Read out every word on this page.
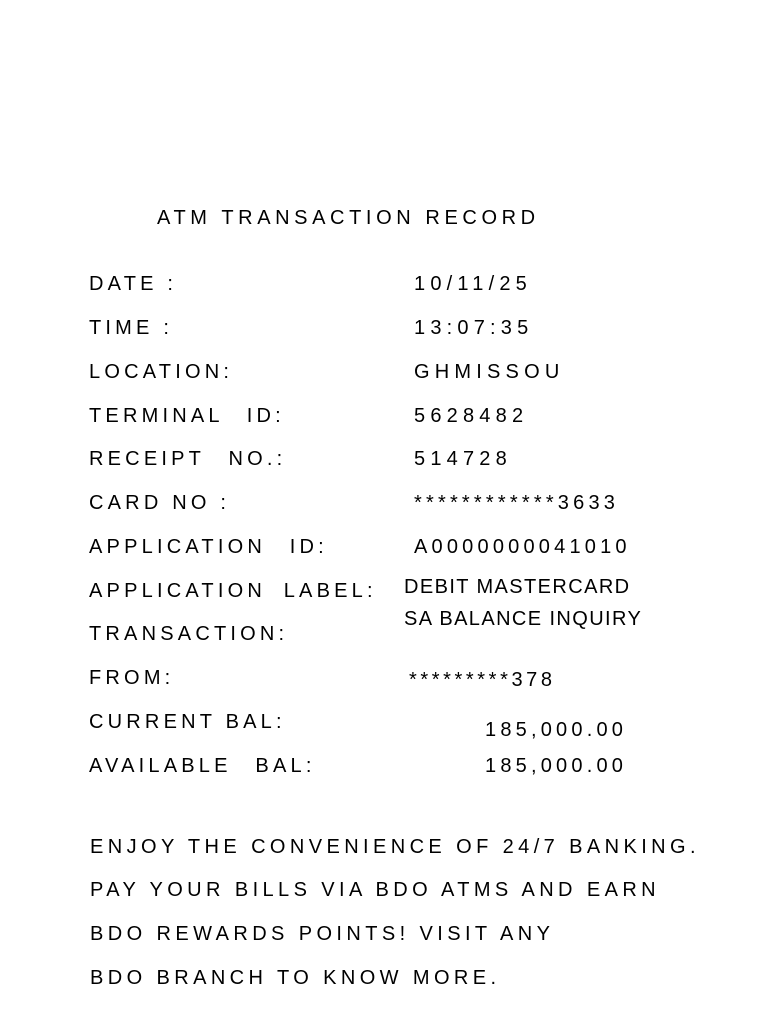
ATM TRANSACTION RECORD
DATE :	10/11/25
TIME :	13:07:35
LOCATION:	GHMISSOU
TERMINAL ID:	5628482
RECEIPT NO.:	514728
CARD NO :	************3633
APPLICATION ID:	A0000000041010
APPLICATION LABEL: DEBIT MASTERCARD
TRANSACTION:
SA BALANCE INQUIRY
FROM:	*********378
CURRENT BAL:	185,000.00
AVAILABLE BAL:	185,000.00
ENJOY THE CONVENIENCE OF 24/7 BANKING.
PAY YOUR BILLS VIA BDO ATMS AND EARN
BDO REWARDS POINTS! VISIT ANY
BDO BRANCH TO KNOW MORE.
